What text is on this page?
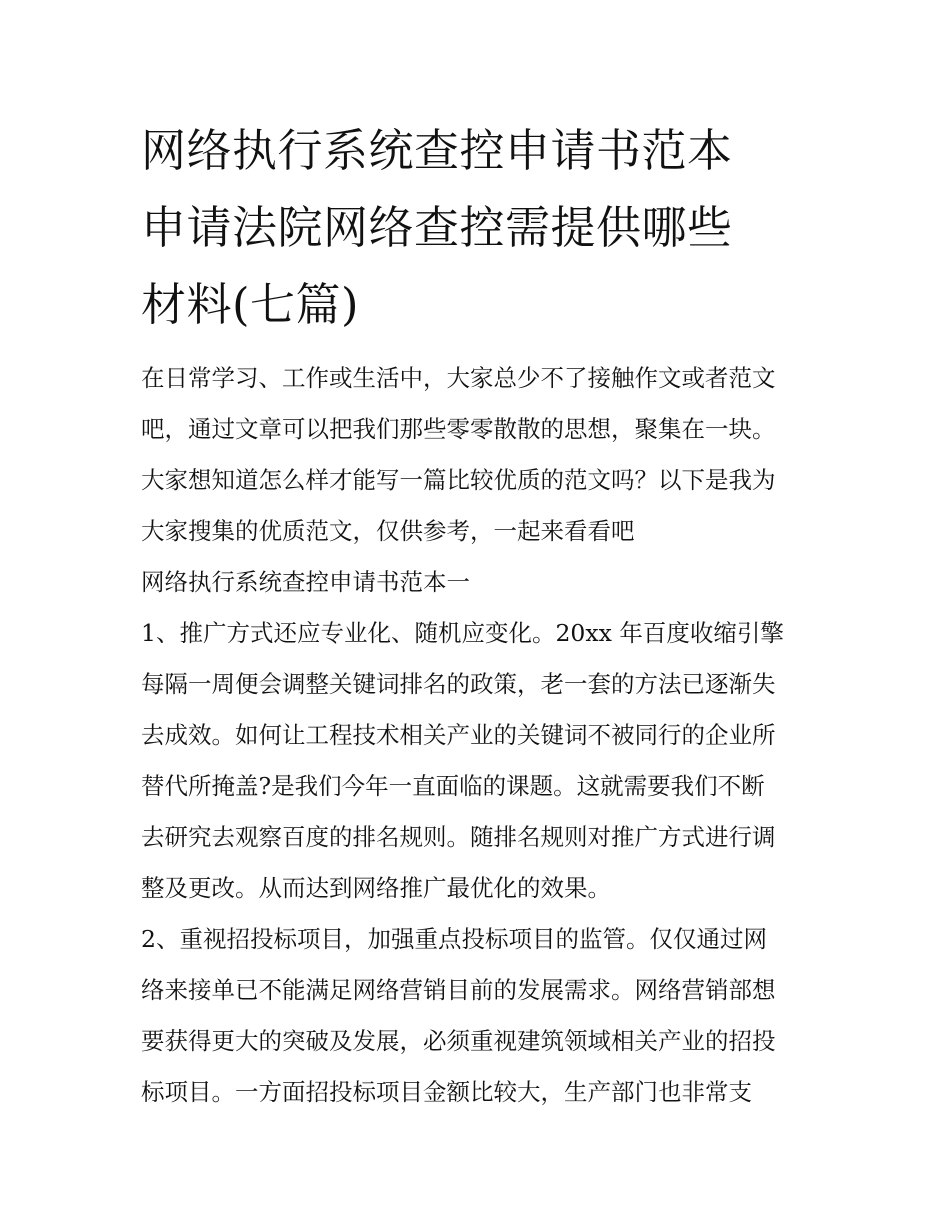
网络执行系统查控申请书范本
申请法院网络查控需提供哪些
材料(七篇)
在日常学习、工作或生活中，大家总少不了接触作文或者范文
吧，通过文章可以把我们那些零零散散的思想，聚集在一块。
大家想知道怎么样才能写一篇比较优质的范文吗？以下是我为
大家搜集的优质范文，仅供参考，一起来看看吧
网络执行系统查控申请书范本一
1、推广方式还应专业化、随机应变化。20xx 年百度收缩引擎
每隔一周便会调整关键词排名的政策，老一套的方法已逐渐失
去成效。如何让工程技术相关产业的关键词不被同行的企业所
替代所掩盖?是我们今年一直面临的课题。这就需要我们不断
去研究去观察百度的排名规则。随排名规则对推广方式进行调
整及更改。从而达到网络推广最优化的效果。
2、重视招投标项目，加强重点投标项目的监管。仅仅通过网
络来接单已不能满足网络营销目前的发展需求。网络营销部想
要获得更大的突破及发展，必须重视建筑领域相关产业的招投
标项目。一方面招投标项目金额比较大，生产部门也非常支
